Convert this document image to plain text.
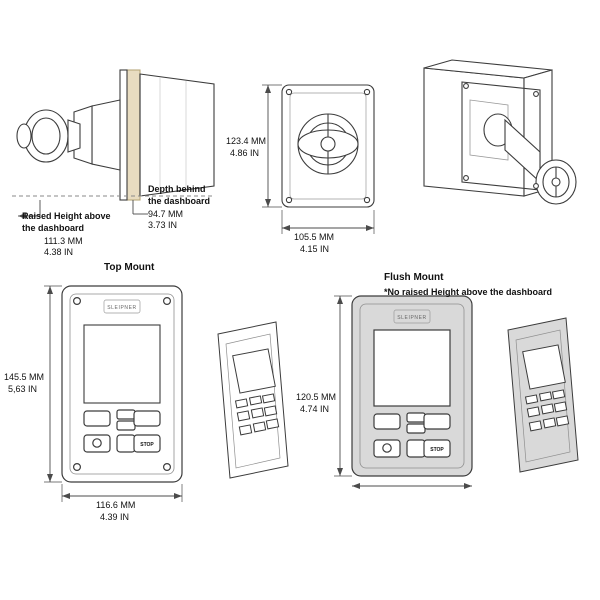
Depth behind
the dashboard
94.7 MM
3.73 IN
Raised Height above
the dashboard
111.3 MM
4.38 IN
123.4 MM
4.86 IN
105.5 MM
4.15 IN
Top Mount
145.5 MM
5,63 IN
116.6 MM
4.39 IN
Flush Mount
*No raised Height above the dashboard
120.5 MM
4.74 IN
SLEIPNER
SLEIPNER
STOP
STOP
